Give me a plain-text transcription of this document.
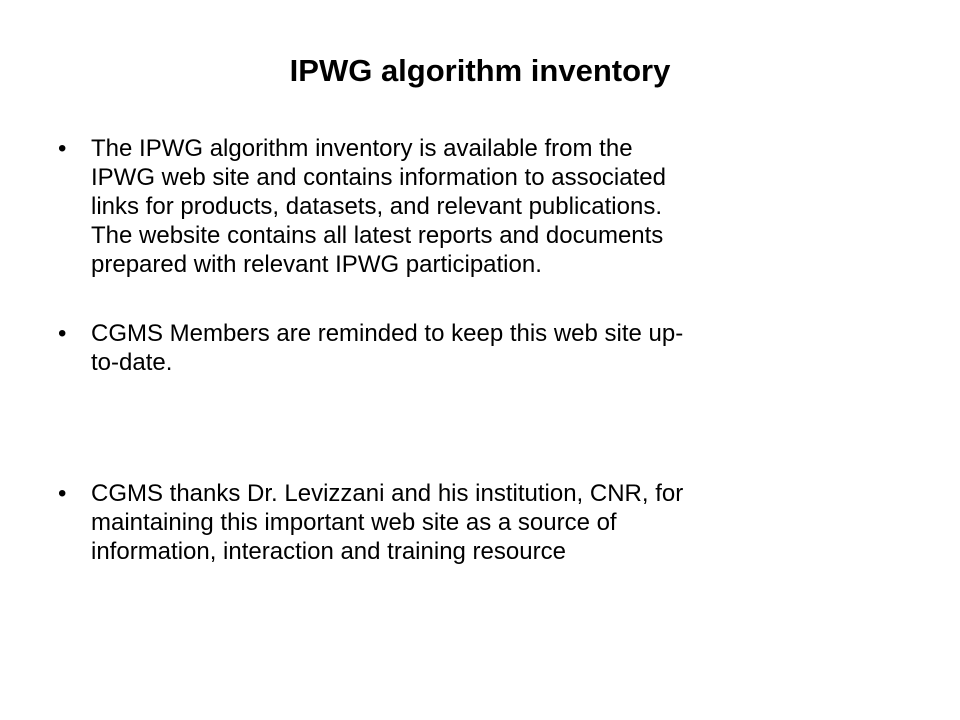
IPWG algorithm inventory
•	The IPWG algorithm inventory is available from the
IPWG web site and contains information to associated
links for products, datasets, and relevant publications.
The website contains all latest reports and documents
prepared with relevant IPWG participation.
•	CGMS Members are reminded to keep this web site up-
to-date.
•	CGMS thanks Dr. Levizzani and his institution, CNR, for
maintaining this important web site as a source of
information, interaction and training resource
